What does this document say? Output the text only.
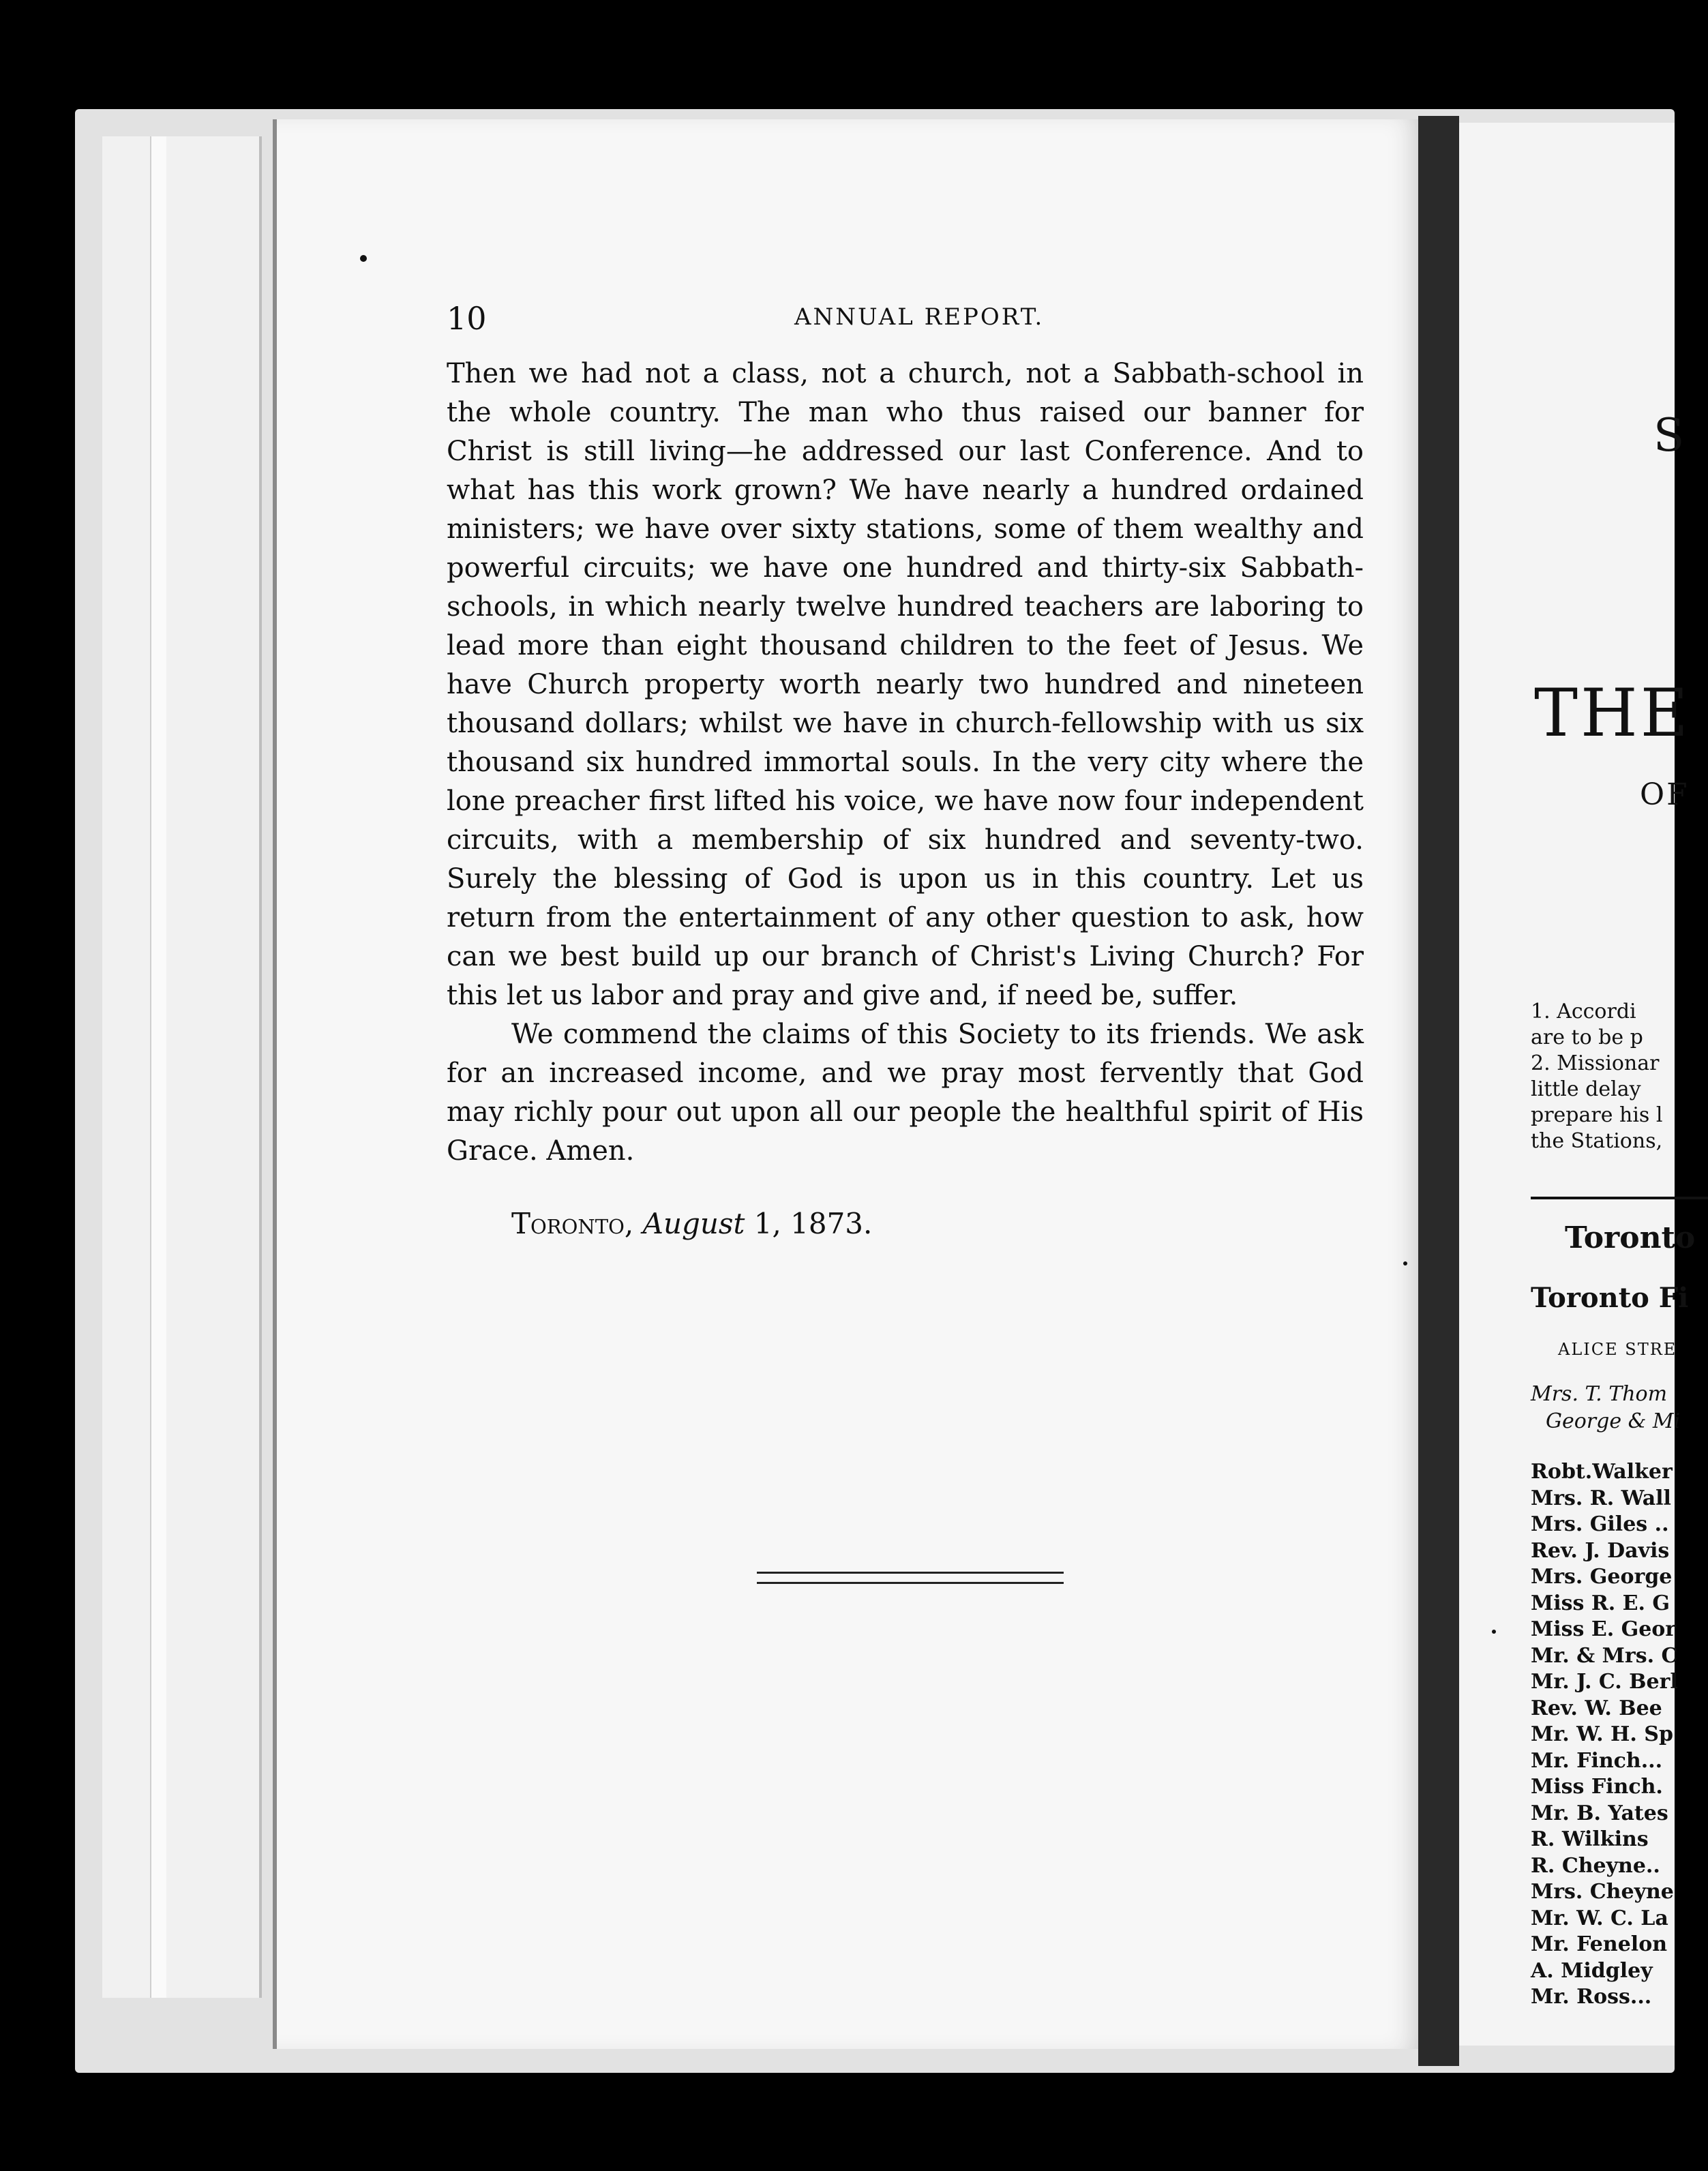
10	ANNUAL REPORT.

Then we had not a class, not a church, not a Sabbath-school in the whole country. The man who thus raised our banner for Christ is still living—he addressed our last Conference. And to what has this work grown? We have nearly a hundred ordained ministers; we have over sixty stations, some of them wealthy and powerful circuits; we have one hundred and thirty-six Sabbath-schools, in which nearly twelve hundred teachers are laboring to lead more than eight thousand children to the feet of Jesus. We have Church property worth nearly two hundred and nineteen thousand dollars; whilst we have in church-fellowship with us six thousand six hundred immortal souls. In the very city where the lone preacher first lifted his voice, we have now four independent circuits, with a membership of six hundred and seventy-two. Surely the blessing of God is upon us in this country. Let us return from the entertainment of any other question to ask, how can we best build up our branch of Christ's Living Church? For this let us labor and pray and give and, if need be, suffer.

We commend the claims of this Society to its friends. We ask for an increased income, and we pray most fervently that God may richly pour out upon all our people the healthful spirit of His Grace. Amen.

Toronto, August 1, 1873.
S
THE
OF
1. Accordi
are to be p
2. Missionar
little delay
prepare his l
the Stations,
Toronto
Toronto Fi
ALICE STRE
Mrs. T. Thom
George & Mi
Robt.Walker
Mrs. R. Wall
Mrs. Giles ..
Rev. J. Davis
Mrs. George
Miss R. E. G
Miss E. Geor
Mr. & Mrs. C
Mr. J. C. Berl
Rev. W. Bee
Mr. W. H. Sp
Mr. Finch...
Miss Finch.
Mr. B. Yates
R. Wilkins
R. Cheyne..
Mrs. Cheyne
Mr. W. C. La
Mr. Fenelon
A. Midgley
Mr. Ross...
